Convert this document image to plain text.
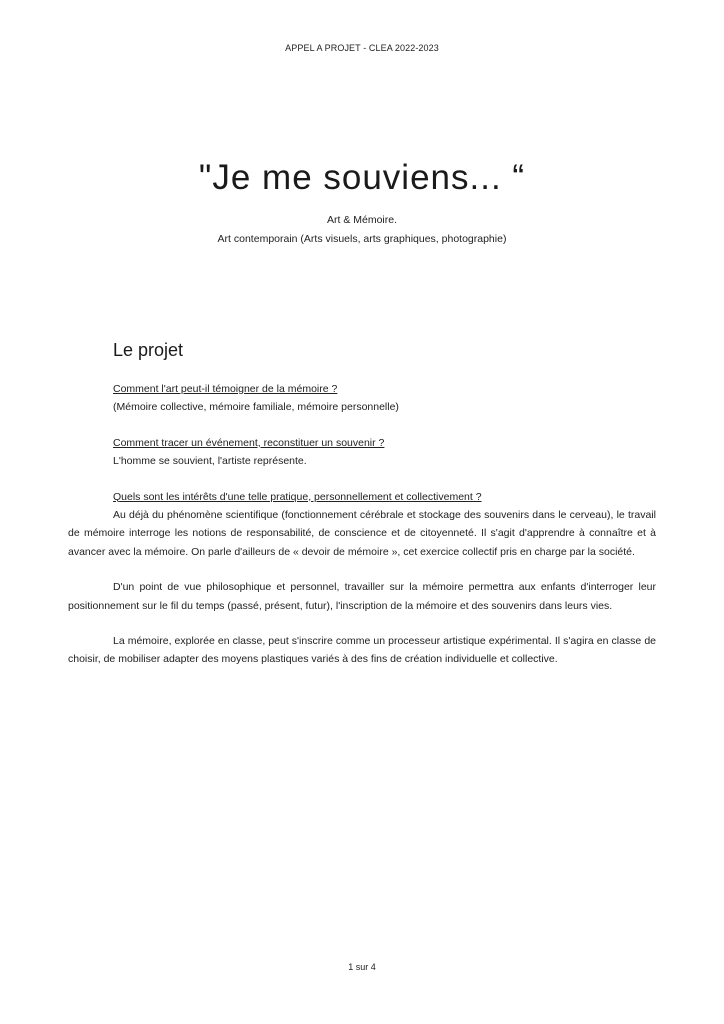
APPEL A PROJET - CLEA 2022-2023
"Je me souviens... “
Art & Mémoire.
Art contemporain (Arts visuels, arts graphiques, photographie)
Le projet
Comment l'art peut-il témoigner de la mémoire ?
(Mémoire collective, mémoire familiale, mémoire personnelle)
Comment tracer un événement, reconstituer un souvenir ?
L'homme se souvient, l'artiste représente.
Quels sont les intérêts d'une telle pratique, personnellement et collectivement ?

Au déjà du phénomène scientifique (fonctionnement cérébrale et stockage des souvenirs dans le cerveau), le travail de mémoire interroge les notions de responsabilité, de conscience et de citoyenneté. Il s'agit d'apprendre à connaître et à avancer avec la mémoire. On parle d'ailleurs de « devoir de mémoire », cet exercice collectif pris en charge par la société.

D'un point de vue philosophique et personnel, travailler sur la mémoire permettra aux enfants d'interroger leur positionnement sur le fil du temps (passé, présent, futur), l'inscription de la mémoire et des souvenirs dans leurs vies.

La mémoire, explorée en classe, peut s'inscrire comme un processeur artistique expérimental. Il s'agira en classe de choisir, de mobiliser adapter des moyens plastiques variés à des fins de création individuelle et collective.

1 sur 4
